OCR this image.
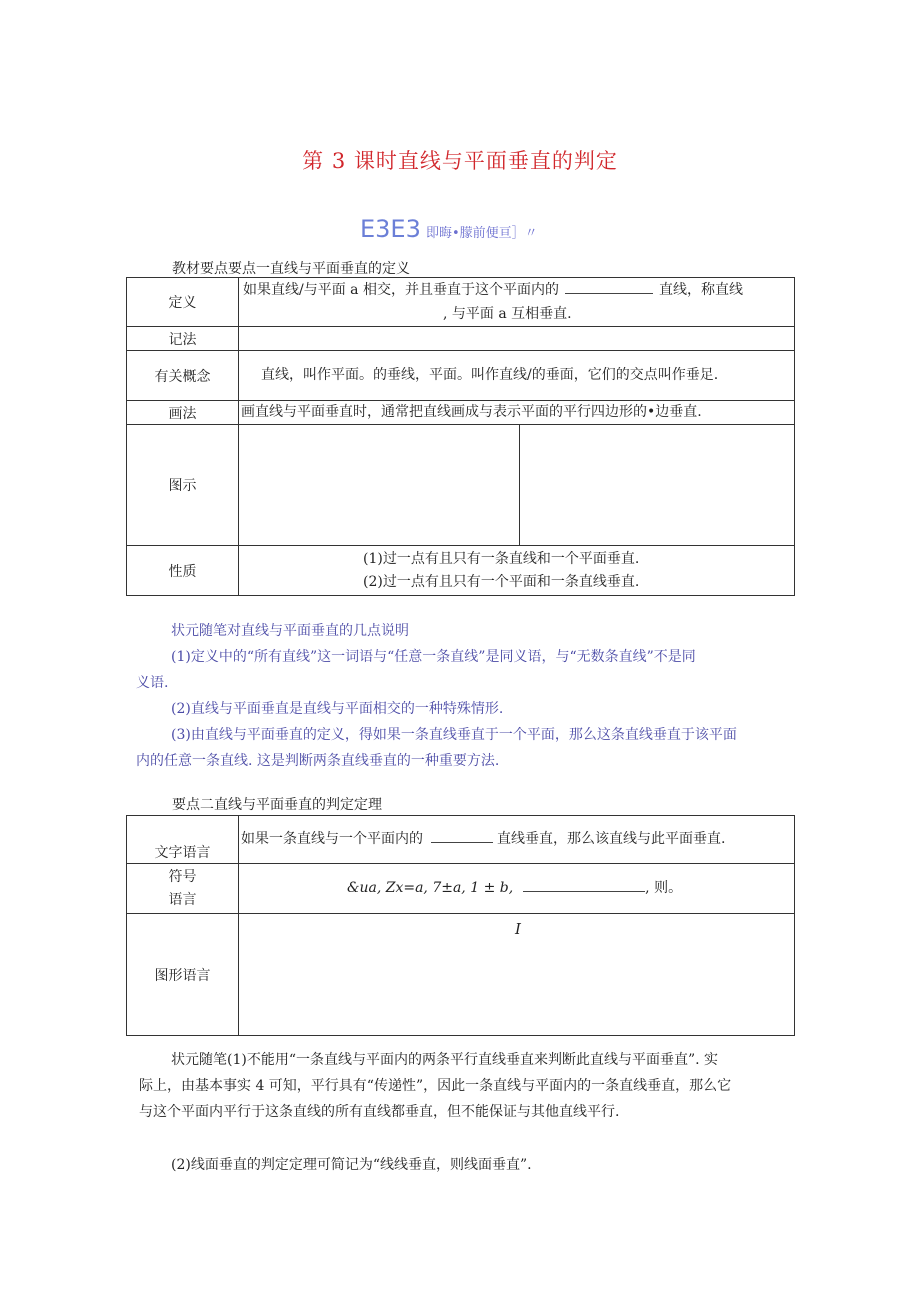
第 3 课时直线与平面垂直的判定
E3E3 即晦•朦前便亘］〃
教材要点要点一直线与平面垂直的定义
定义	如果直线/与平面 a 相交，并且垂直于这个平面内的 直线，称直线
, 与平面 a 互相垂直.	

记法		
有关概念	直线，叫作平面。的垂线，平面。叫作直线/的垂面，它们的交点叫作垂足.	

画法	画直线与平面垂直时，通常把直线画成与表示平面的平行四边形的•边垂直.	

图示		
性质	(1)过一点有且只有一条直线和一个平面垂直.
(2)过一点有且只有一个平面和一条直线垂直.	

状元随笔对直线与平面垂直的几点说明

(1)定义中的“所有直线”这一词语与“任意一条直线”是同义语，与“无数条直线”不是同

义语.

(2)直线与平面垂直是直线与平面相交的一种特殊情形.

(3)由直线与平面垂直的定义，得如果一条直线垂直于一个平面，那么这条直线垂直于该平面

内的任意一条直线. 这是判断两条直线垂直的一种重要方法.

要点二直线与平面垂直的判定定理
文字语言	如果一条直线与一个平面内的 直线垂直，那么该直线与此平面垂直.

符号
语言	&ua, Zx=a, 7±a, 1 ± b, , 则。

图形语言	I

状元随笔(1)不能用“一条直线与平面内的两条平行直线垂直来判断此直线与平面垂直”. 实

际上，由基本事实 4 可知，平行具有“传递性”，因此一条直线与平面内的一条直线垂直，那么它

与这个平面内平行于这条直线的所有直线都垂直，但不能保证与其他直线平行.

(2)线面垂直的判定定理可简记为“线线垂直，则线面垂直”.
